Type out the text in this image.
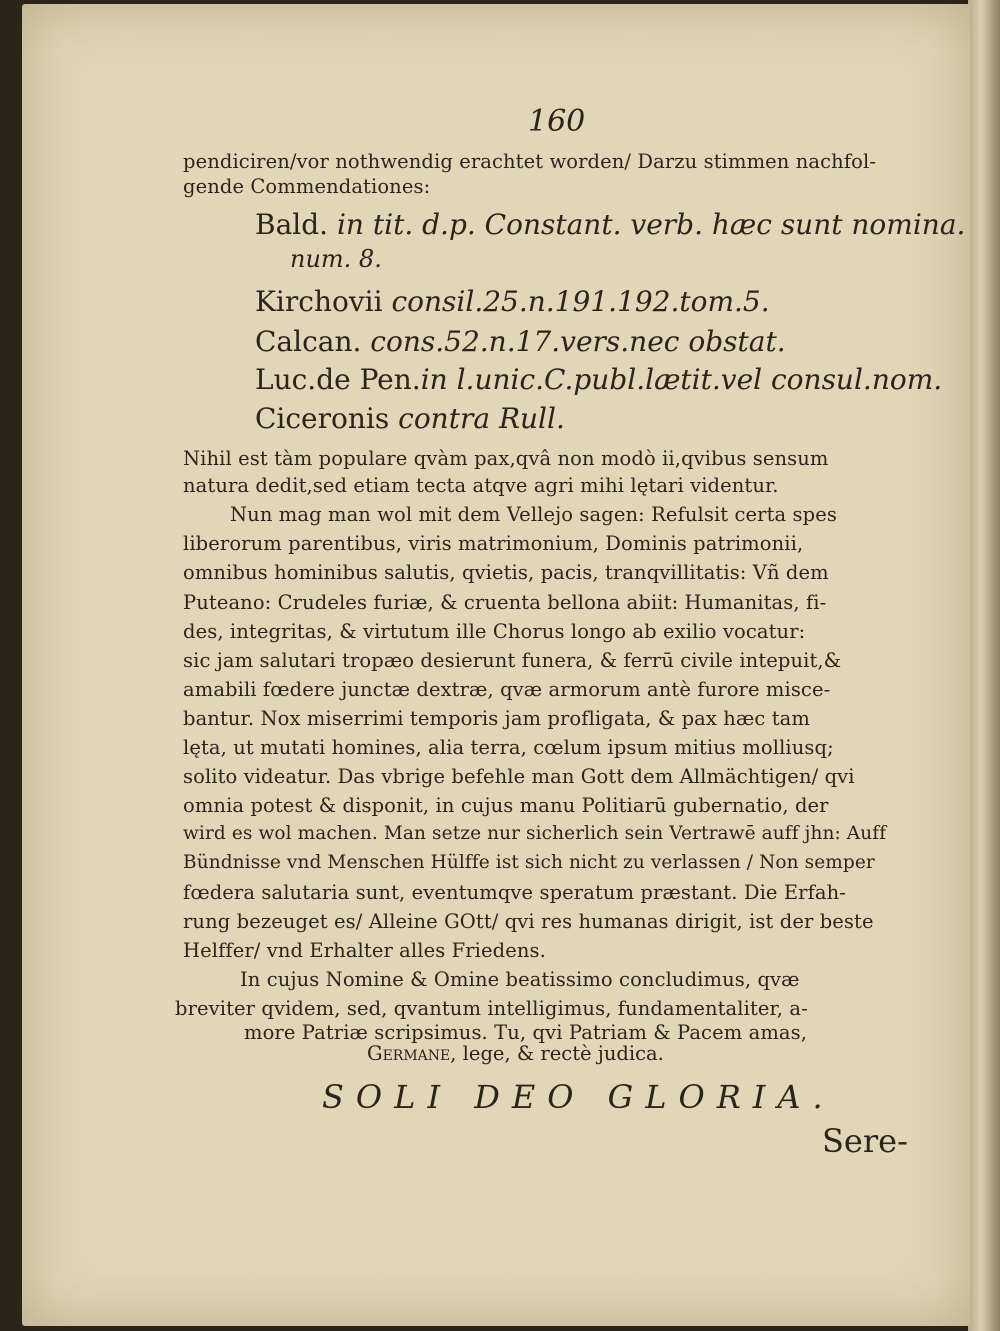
160
pendiciren/vor nothwendig erachtet worden/ Darzu stimmen nachfol-
gende Commendationes:
Bald. in tit. d.p. Constant. verb. hæc sunt nomina.
num. 8.
Kirchovii consil.25.n.191.192.tom.5.
Calcan. cons.52.n.17.vers.nec obstat.
Luc.de Pen.in l.unic.C.publ.lætit.vel consul.nom.
Ciceronis contra Rull.
Nihil est tàm populare qvàm pax,qvâ non modò ii,qvibus sensum
natura dedit,sed etiam tecta atqve agri mihi lętari videntur.
Nun mag man wol mit dem Vellejo sagen: Refulsit certa spes
liberorum parentibus, viris matrimonium, Dominis patrimonii,
omnibus hominibus salutis, qvietis, pacis, tranqvillitatis: Vñ dem
Puteano: Crudeles furiæ, & cruenta bellona abiit: Humanitas, fi-
des, integritas, & virtutum ille Chorus longo ab exilio vocatur:
sic jam salutari tropæo desierunt funera, & ferrū civile intepuit,&
amabili fœdere junctæ dextræ, qvæ armorum antè furore misce-
bantur. Nox miserrimi temporis jam profligata, & pax hæc tam
lęta, ut mutati homines, alia terra, cœlum ipsum mitius molliusq;
solito videatur. Das vbrige befehle man Gott dem Allmächtigen/ qvi
omnia potest & disponit, in cujus manu Politiarū gubernatio, der
wird es wol machen. Man setze nur sicherlich sein Vertrawē auff jhn: Auff
Bündnisse vnd Menschen Hülffe ist sich nicht zu verlassen / Non semper
fœdera salutaria sunt, eventumqve speratum præstant. Die Erfah-
rung bezeuget es/ Alleine GOtt/ qvi res humanas dirigit, ist der beste
Helffer/ vnd Erhalter alles Friedens.
In cujus Nomine & Omine beatissimo concludimus, qvæ
breviter qvidem, sed, qvantum intelligimus, fundamentaliter, a-
more Patriæ scripsimus. Tu, qvi Patriam & Pacem amas,
Germane, lege, & rectè judica.
SOLI DEO GLORIA.
Sere-
